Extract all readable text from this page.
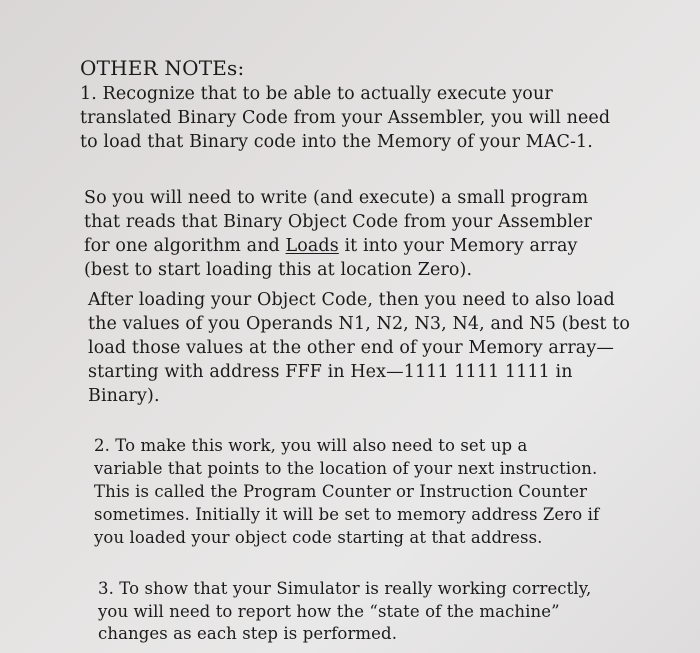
OTHER NOTEs:
1. Recognize that to be able to actually execute your
translated Binary Code from your Assembler, you will need
to load that Binary code into the Memory of your MAC-1.
So you will need to write (and execute) a small program
that reads that Binary Object Code from your Assembler
for one algorithm and Loads it into your Memory array
(best to start loading this at location Zero).
After loading your Object Code, then you need to also load
the values of you Operands N1, N2, N3, N4, and N5 (best to
load those values at the other end of your Memory array—
starting with address FFF in Hex—1111 1111 1111 in
Binary).
2. To make this work, you will also need to set up a
variable that points to the location of your next instruction.
This is called the Program Counter or Instruction Counter
sometimes. Initially it will be set to memory address Zero if
you loaded your object code starting at that address.
3. To show that your Simulator is really working correctly,
you will need to report how the “state of the machine”
changes as each step is performed.
